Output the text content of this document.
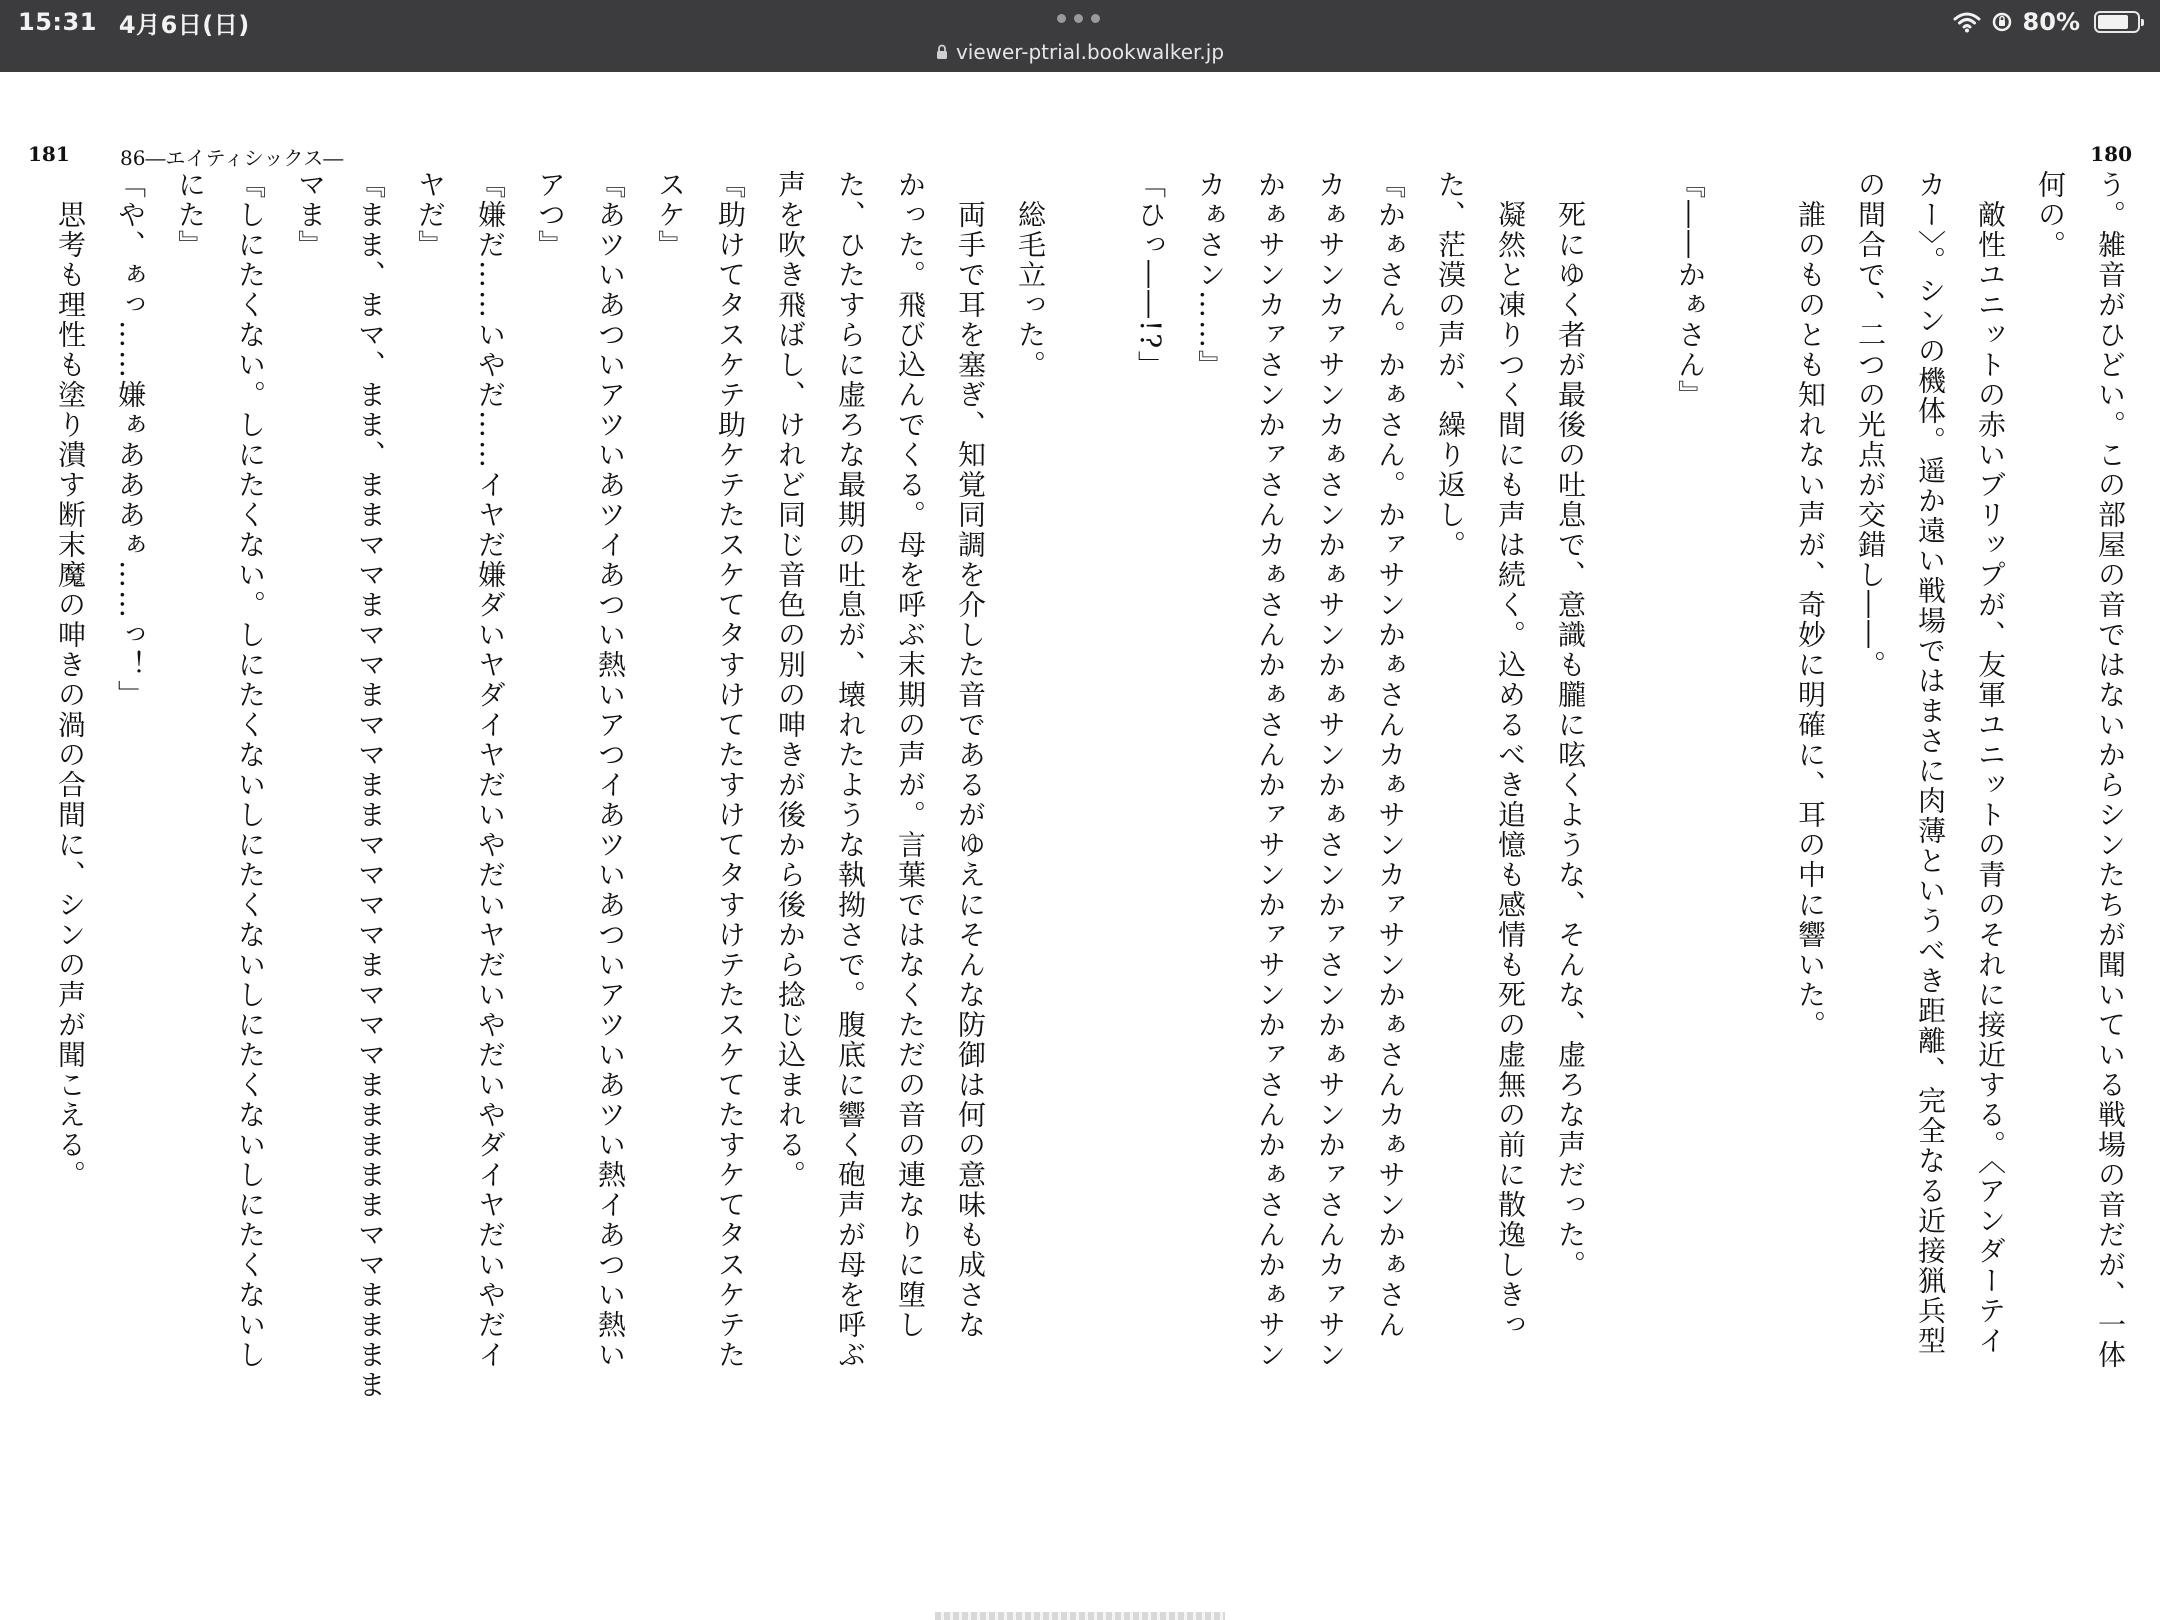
15:31 4月6日(日)	80%
viewer-ptrial.bookwalker.jp
181	86―エイティシックス―	180
う。雑音がひどい。この部屋の音ではないからシンたちが聞いている戦場の音だが、一体
何の。
　敵性ユニットの赤いブリップが、友軍ユニットの青のそれに接近する。〈アンダーテイ
カー〉。シンの機体。遥か遠い戦場ではまさに肉薄というべき距離、完全なる近接猟兵型
の間合で、二つの光点が交錯し――。
　誰のものとも知れない声が、奇妙に明確に、耳の中に響いた。
『――かぁさん』
　死にゆく者が最後の吐息で、意識も朧に呟くような、そんな、虚ろな声だった。
　凝然と凍りつく間にも声は続く。込めるべき追憶も感情も死の虚無の前に散逸しきっ
た、茫漠の声が、繰り返し。
『かぁさん。かぁさん。かァサンかぁさんカぁサンカァサンかぁさんカぁサンかぁさん
カぁサンカァサンカぁさンかぁサンかぁサンかぁさンかァさンかぁサンかァさんカァサン
かぁサンカァさンかァさんカぁさんかぁさんかァサンかァサンかァさんかぁさんかぁサン
カぁさン……』
「ひっ――!?」
　総毛立った。
　両手で耳を塞ぎ、知覚同調を介した音であるがゆえにそんな防御は何の意味も成さな
かった。飛び込んでくる。母を呼ぶ末期の声が。言葉ではなくただの音の連なりに堕し
た、ひたすらに虚ろな最期の吐息が、壊れたような執拗さで。腹底に響く砲声が母を呼ぶ
声を吹き飛ばし、けれど同じ音色の別の呻きが後から後から捻じ込まれる。
『助けてタスケテ助ケテたスケてタすけてたすけてタすけテたスケてたすケてタスケテた
スケ』
『あツいあついアツいあツイあつい熱いアつイあツいあついアツいあツい熱イあつい熱い
アつ』
『嫌だ……いやだ……イヤだ嫌ダいヤダイヤだいやだいヤだいやだいやダイヤだいやだイ
ヤだ』
『まま、まマ、まま、ままママまママまママままママママまマママまままままママまままま
マま』
『しにたくない。しにたくない。しにたくないしにたくないしにたくないしにたくないし
にた』
「や、ぁっ……嫌ぁあああぁ……っ！」
　思考も理性も塗り潰す断末魔の呻きの渦の合間に、シンの声が聞こえる。
